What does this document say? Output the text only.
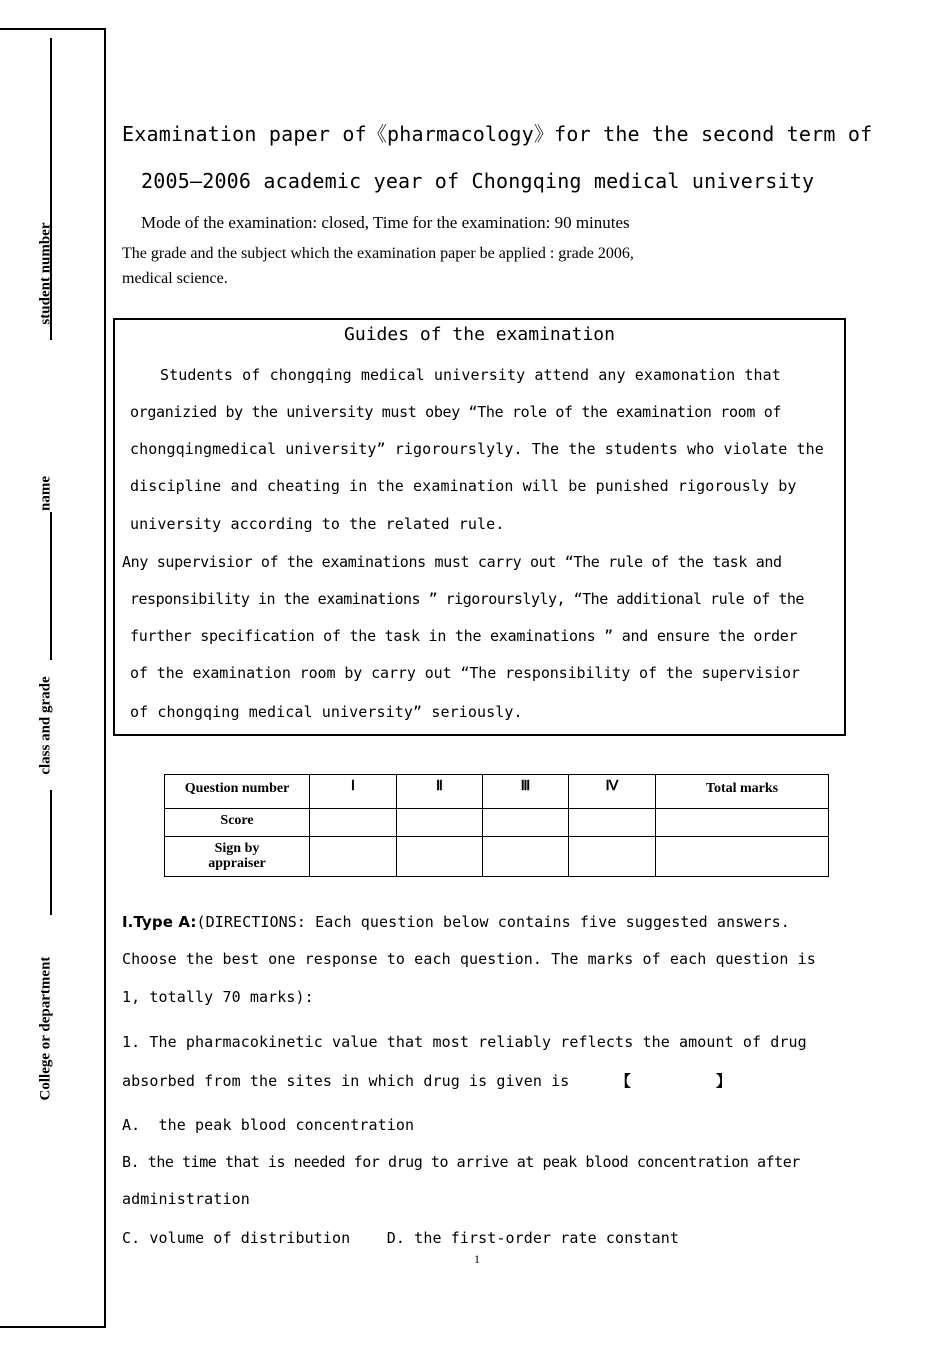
student number
name
class and grade
College or department
Examination paper of《pharmacology》for the the second term of
2005—2006 academic year of Chongqing medical university
Mode of the examination: closed, Time for the examination: 90 minutes
The grade and the subject which the examination paper be applied : grade 2006,
medical science.
Guides of the examination
Students of chongqing medical university attend any examonation that
organizied by the university must obey “The role of the examination room of
chongqingmedical university” rigorourslyly. The the students who violate the
discipline and cheating in the examination will be punished rigorously by
university according to the related rule.
Any supervisior of the examinations must carry out “The rule of the task and
responsibility in the examinations ” rigorourslyly, “The additional rule of the
further specification of the task in the examinations ” and ensure the order
of the examination room by carry out “The responsibility of the supervisior
of chongqing medical university” seriously.
Question number	Ⅰ	Ⅱ	Ⅲ	Ⅳ	Total marks
Score					
Sign by appraiser					
Ⅰ.Type A:(DIRECTIONS: Each question below contains five suggested answers.
Choose the best one response to each question. The marks of each question is
1, totally 70 marks):
1. The pharmacokinetic value that most reliably reflects the amount of drug
absorbed from the sites in which drug is given is	【                】
A.  the peak blood concentration
B. the time that is needed for drug to arrive at peak blood concentration after
administration
C. volume of distribution    D. the first-order rate constant
1
